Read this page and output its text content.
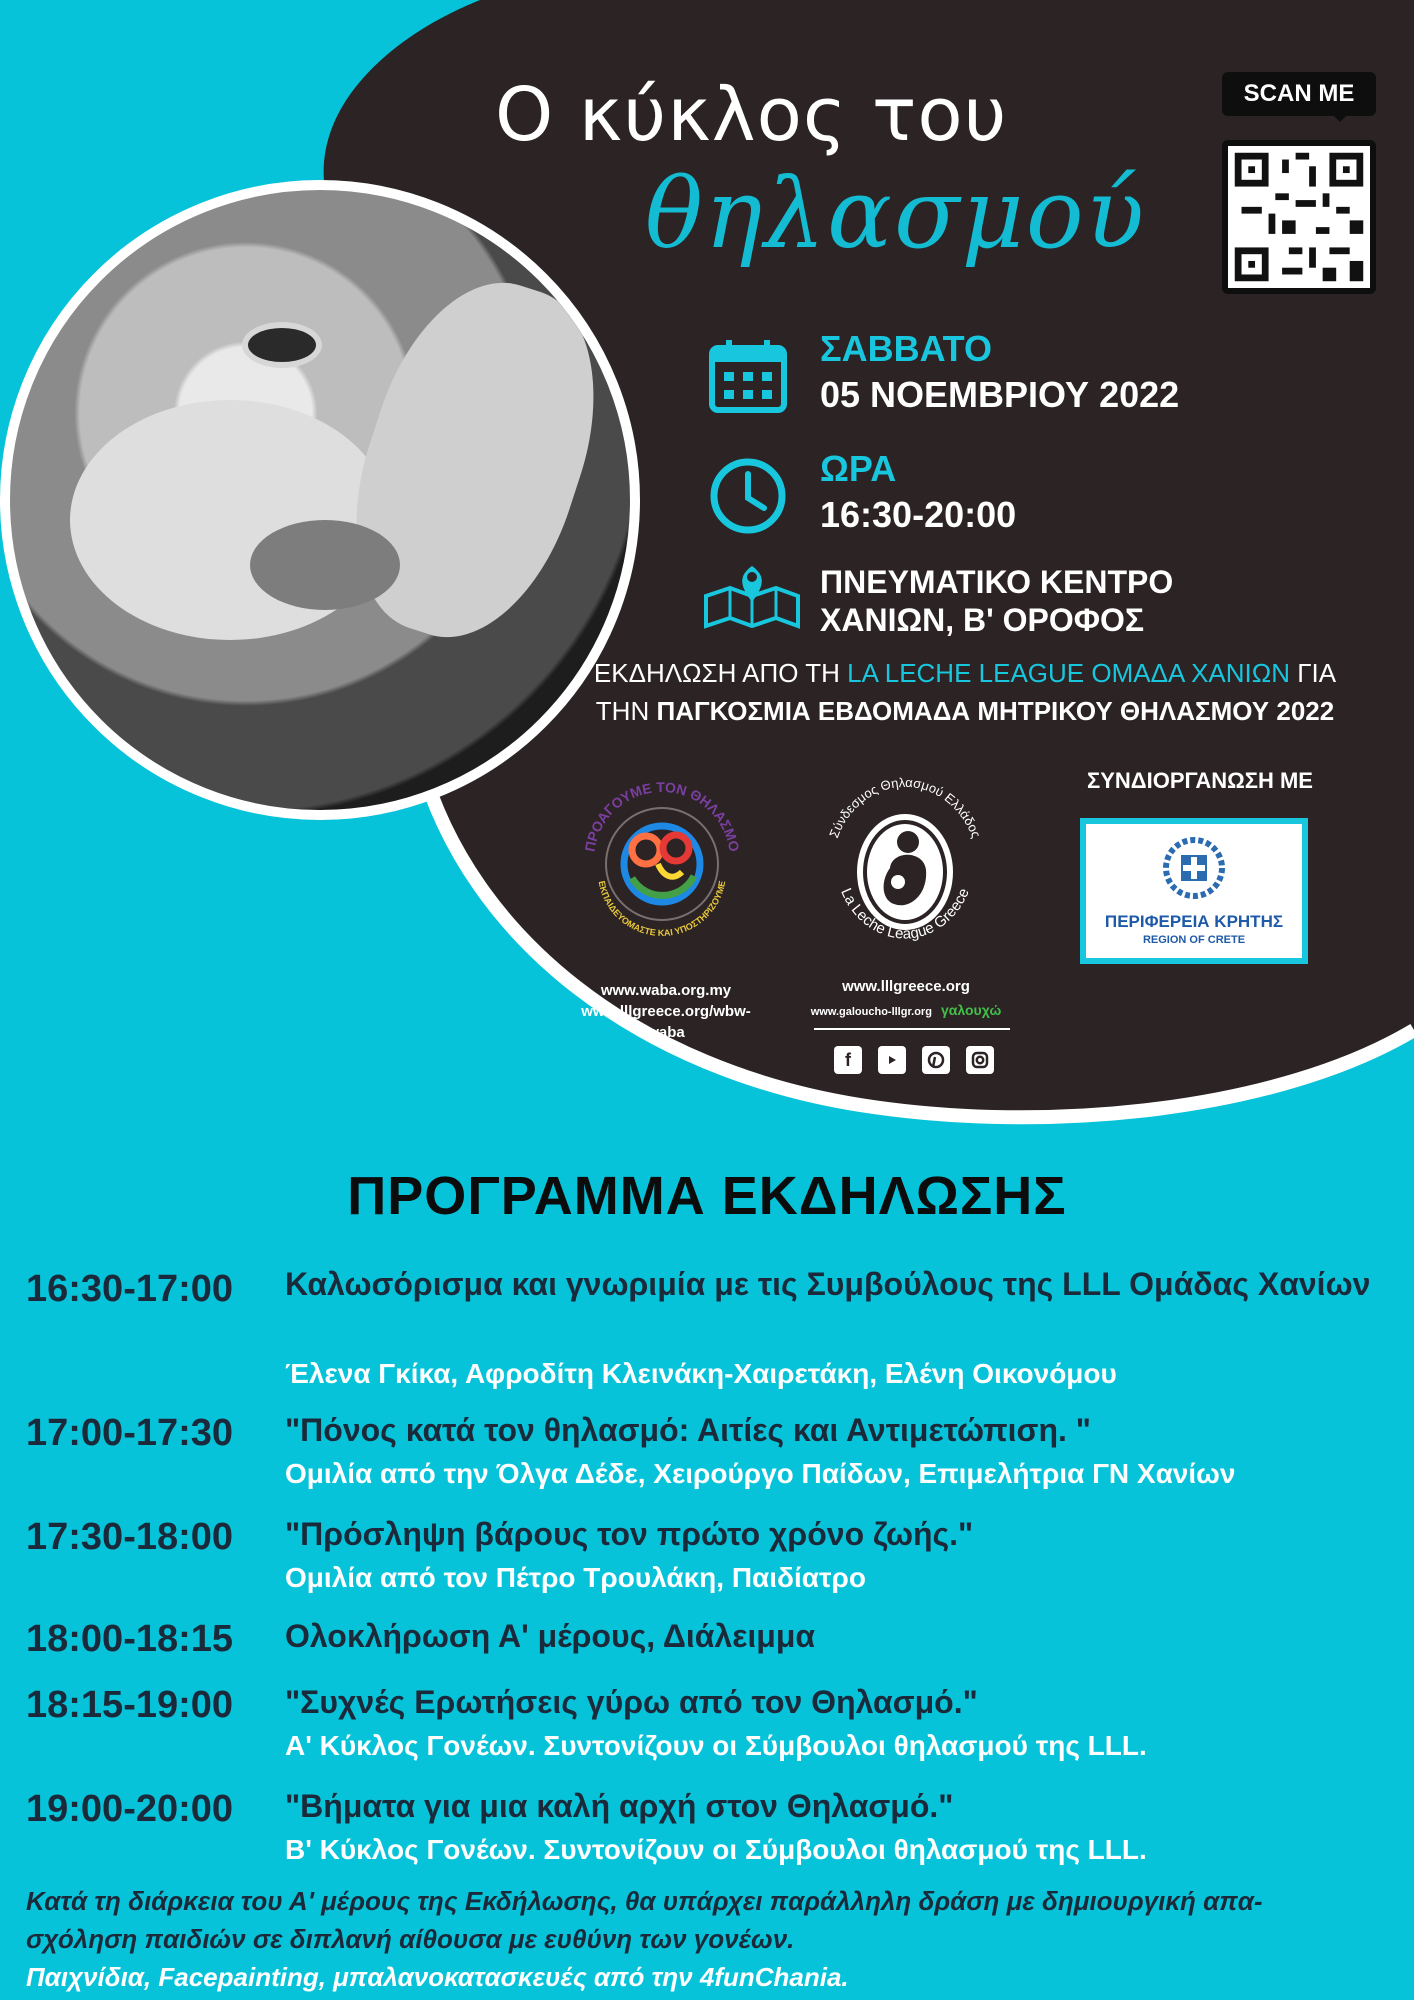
Ο κύκλος του
θηλασμού
SCAN ME
ΣΑΒΒΑΤΟ
05 ΝΟΕΜΒΡΙΟΥ 2022
ΩΡΑ
16:30-20:00
ΠΝΕΥΜΑΤΙΚΟ ΚΕΝΤΡΟ
ΧΑΝΙΩΝ, Β' ΟΡΟΦΟΣ
ΕΚΔΗΛΩΣΗ ΑΠΟ ΤΗ LA LECHE LEAGUE ΟΜΑΔΑ ΧΑΝΙΩΝ ΓΙΑ
ΤΗΝ ΠΑΓΚΟΣΜΙΑ ΕΒΔΟΜΑΔΑ ΜΗΤΡΙΚΟΥ ΘΗΛΑΣΜΟΥ 2022
ΠΡΟΑΓΟΥΜΕ ΤΟΝ ΘΗΛΑΣΜΟ
ΕΚΠΑΙΔΕΥΟΜΑΣΤΕ ΚΑΙ ΥΠΟΣΤΗΡΙΖΟΥΜΕ
www.waba.org.my
www.lllgreece.org/wbw-
waba
Σύνδεσμος Θηλασμού Ελλάδος
La Leche League Greece
www.lllgreece.org
www.galoucho-lllgr.org γαλουχώ
f
ΣΥΝΔΙΟΡΓΑΝΩΣΗ ΜΕ
ΠΕΡΙΦΕΡΕΙΑ ΚΡΗΤΗΣ
REGION OF CRETE
ΠΡΟΓΡΑΜΜΑ ΕΚΔΗΛΩΣΗΣ
16:30-17:00 Καλωσόρισμα και γνωριμία με τις Συμβούλους της LLL Ομάδας Χανίων
Έλενα Γκίκα, Αφροδίτη Κλεινάκη-Χαιρετάκη, Ελένη Οικονόμου
17:00-17:30 "Πόνος κατά τον θηλασμό: Αιτίες και Αντιμετώπιση. "
Ομιλία από την Όλγα Δέδε, Χειρούργο Παίδων, Επιμελήτρια ΓΝ Χανίων
17:30-18:00 "Πρόσληψη βάρους τον πρώτο χρόνο ζωής."
Ομιλία από τον Πέτρο Τρουλάκη, Παιδίατρο
18:00-18:15 Ολοκλήρωση Α' μέρους, Διάλειμμα
18:15-19:00 "Συχνές Ερωτήσεις γύρω από τον Θηλασμό."
Α' Κύκλος Γονέων. Συντονίζουν οι Σύμβουλοι θηλασμού της LLL.
19:00-20:00 "Βήματα για μια καλή αρχή στον Θηλασμό."
Β' Κύκλος Γονέων. Συντονίζουν οι Σύμβουλοι θηλασμού της LLL.
Κατά τη διάρκεια του Α' μέρους της Εκδήλωσης, θα υπάρχει παράλληλη δράση με δημιουργική απα-
σχόληση παιδιών σε διπλανή αίθουσα με ευθύνη των γονέων.
Παιχνίδια, Facepainting, μπαλανοκατασκευές από την 4funChania.
